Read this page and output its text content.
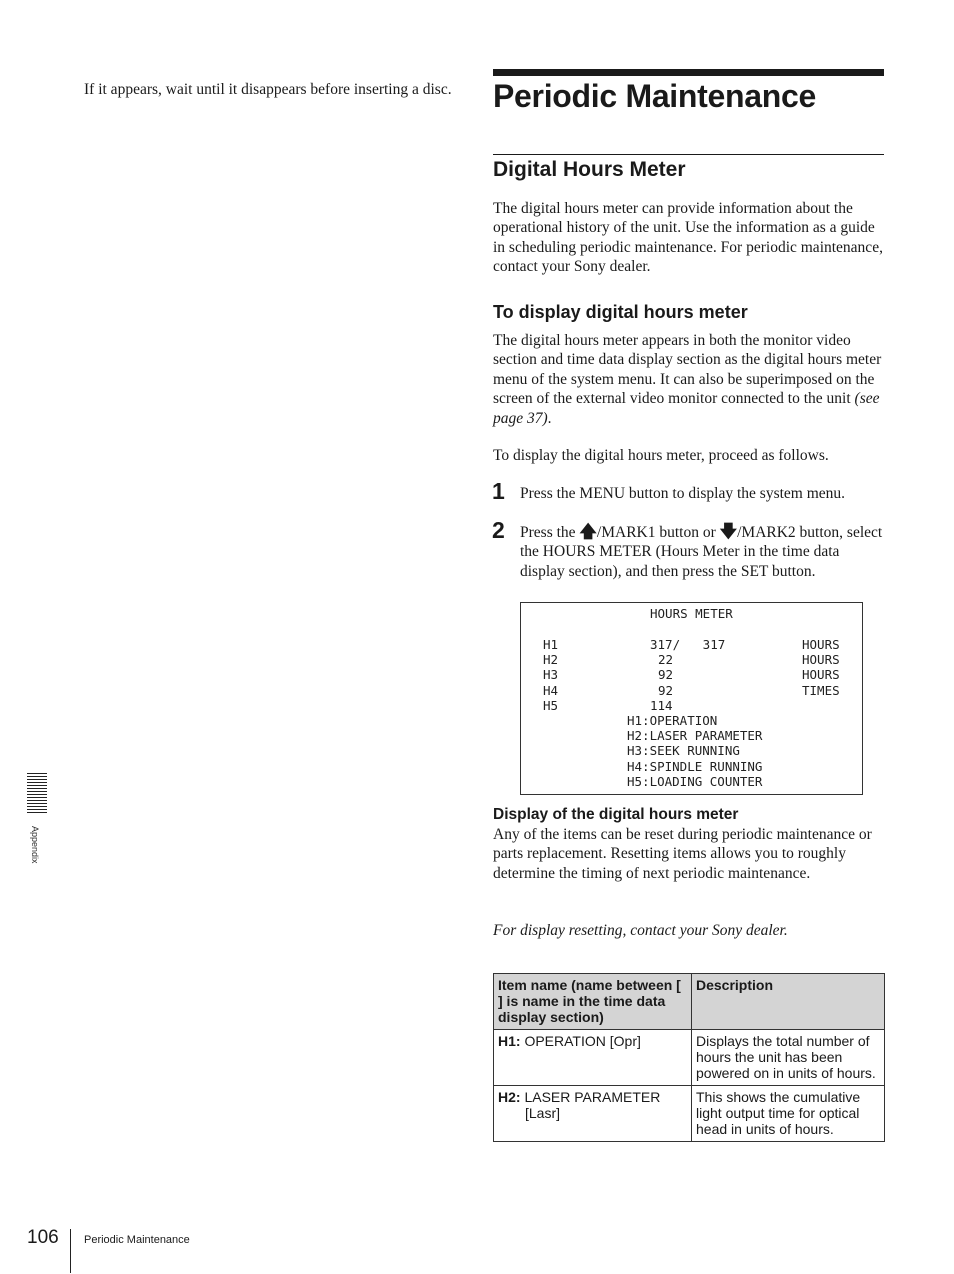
If it appears, wait until it disappears before inserting a disc. Periodic Maintenance
Digital Hours Meter

The digital hours meter can provide information about the operational history of the unit. Use the information as a guide in scheduling periodic maintenance. For periodic maintenance, contact your Sony dealer.

To display digital hours meter

The digital hours meter appears in both the monitor video section and time data display section as the digital hours meter menu of the system menu. It can also be superimposed on the screen of the external video monitor connected to the unit (see page 37).

To display the digital hours meter, proceed as follows.

1 Press the MENU button to display the system menu.
2 Press the 🡅/MARK1 button or 🡇/MARK2 button, select the HOURS METER (Hours Meter in the time data display section), and then press the SET button.
HOURS METER
H1	317/   317	HOURS
H2	22	HOURS
H3	92	HOURS
H4	92	TIMES
H5	114
H1:OPERATION
H2:LASER PARAMETER
H3:SEEK RUNNING
H4:SPINDLE RUNNING
H5:LOADING COUNTER
Display of the digital hours meter

Any of the items can be reset during periodic maintenance or parts replacement. Resetting items allows you to roughly determine the timing of next periodic maintenance.

For display resetting, contact your Sony dealer.

Item name (name between [ ] is name in the time data display section)	Description

H1: OPERATION [Opr]	Displays the total number of hours the unit has been powered on in units of hours.

H2: LASER PARAMETER [Lasr]	This shows the cumulative light output time for optical head in units of hours.
Appendix
106 Periodic Maintenance
